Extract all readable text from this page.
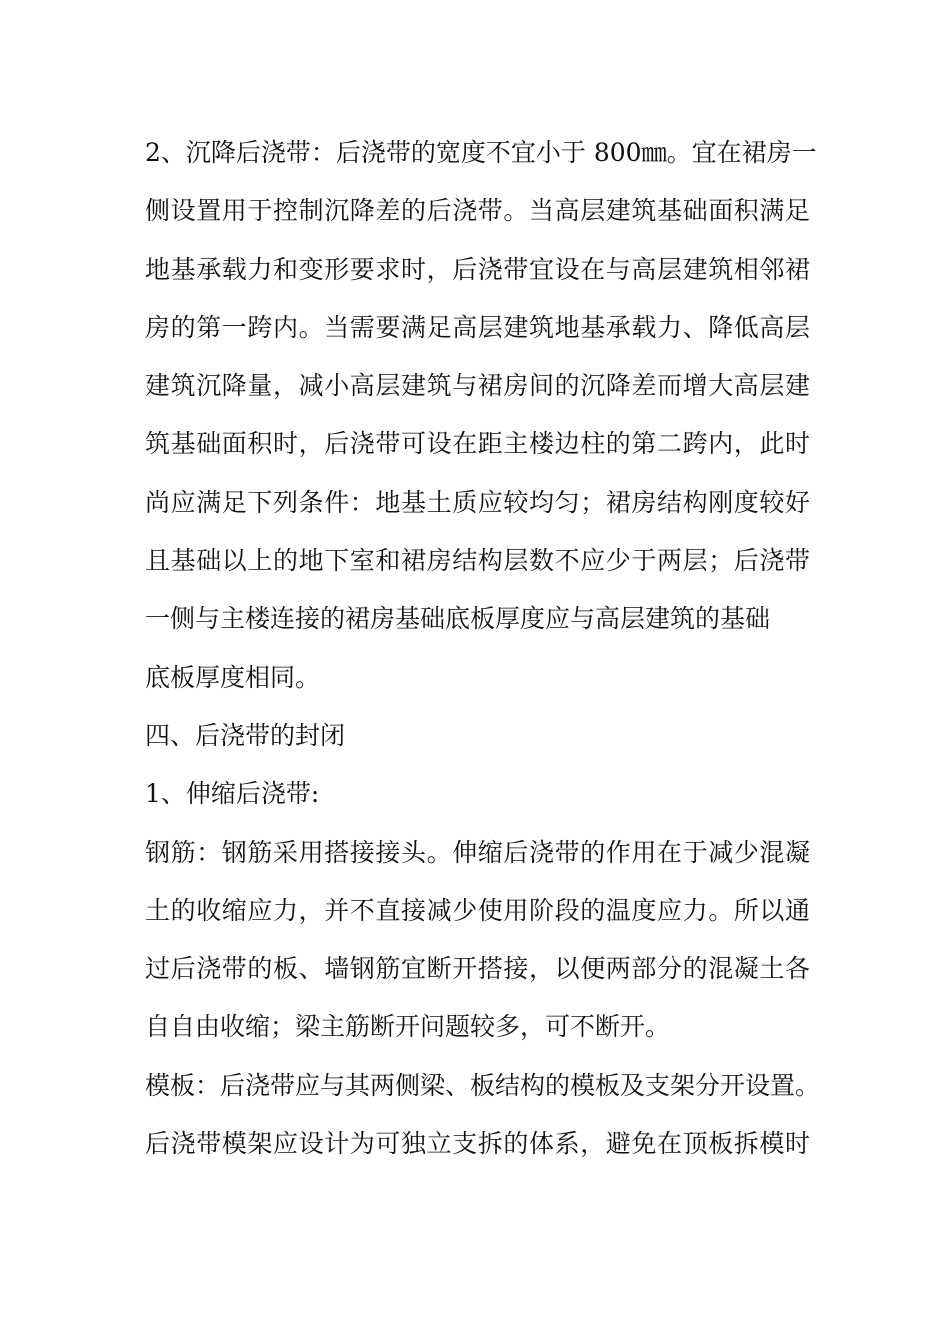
2、沉降后浇带：后浇带的宽度不宜小于 800㎜。宜在裙房一
侧设置用于控制沉降差的后浇带。当高层建筑基础面积满足
地基承载力和变形要求时，后浇带宜设在与高层建筑相邻裙
房的第一跨内。当需要满足高层建筑地基承载力、降低高层
建筑沉降量，减小高层建筑与裙房间的沉降差而增大高层建
筑基础面积时，后浇带可设在距主楼边柱的第二跨内，此时
尚应满足下列条件：地基土质应较均匀；裙房结构刚度较好
且基础以上的地下室和裙房结构层数不应少于两层；后浇带
一侧与主楼连接的裙房基础底板厚度应与高层建筑的基础
底板厚度相同。
四、后浇带的封闭
1、伸缩后浇带:
钢筋：钢筋采用搭接接头。伸缩后浇带的作用在于减少混凝
土的收缩应力，并不直接减少使用阶段的温度应力。所以通
过后浇带的板、墙钢筋宜断开搭接，以便两部分的混凝土各
自自由收缩；梁主筋断开问题较多，可不断开。
模板：后浇带应与其两侧梁、板结构的模板及支架分开设置。
后浇带模架应设计为可独立支拆的体系，避免在顶板拆模时
